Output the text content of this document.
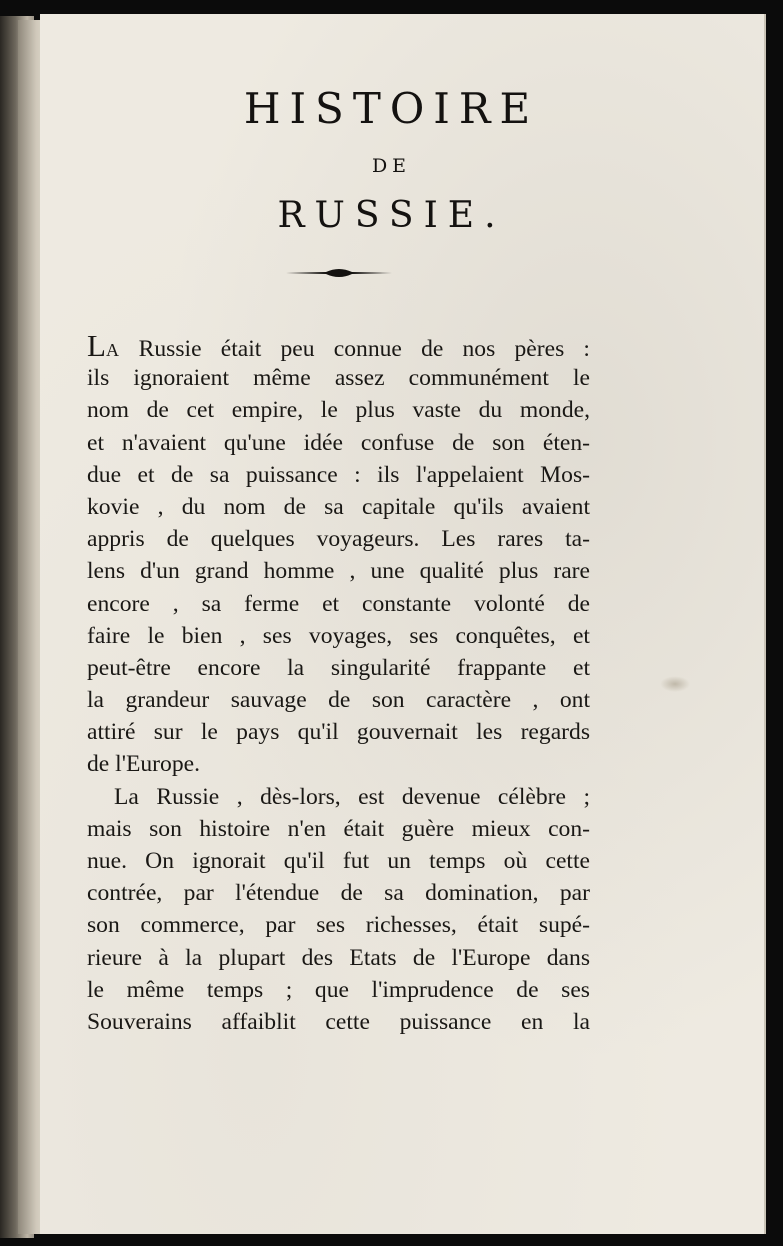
HISTOIRE
DE
RUSSIE.
LA Russie était peu connue de nos pères :
ils ignoraient même assez communément le
nom de cet empire, le plus vaste du monde,
et n'avaient qu'une idée confuse de son éten-
due et de sa puissance : ils l'appelaient Mos-
kovie , du nom de sa capitale qu'ils avaient
appris de quelques voyageurs. Les rares ta-
lens d'un grand homme , une qualité plus rare
encore , sa ferme et constante volonté de
faire le bien , ses voyages, ses conquêtes, et
peut-être encore la singularité frappante et
la grandeur sauvage de son caractère , ont
attiré sur le pays qu'il gouvernait les regards
de l'Europe.
La Russie , dès-lors, est devenue célèbre ;
mais son histoire n'en était guère mieux con-
nue. On ignorait qu'il fut un temps où cette
contrée, par l'étendue de sa domination, par
son commerce, par ses richesses, était supé-
rieure à la plupart des Etats de l'Europe dans
le même temps ; que l'imprudence de ses
Souverains affaiblit cette puissance en la
